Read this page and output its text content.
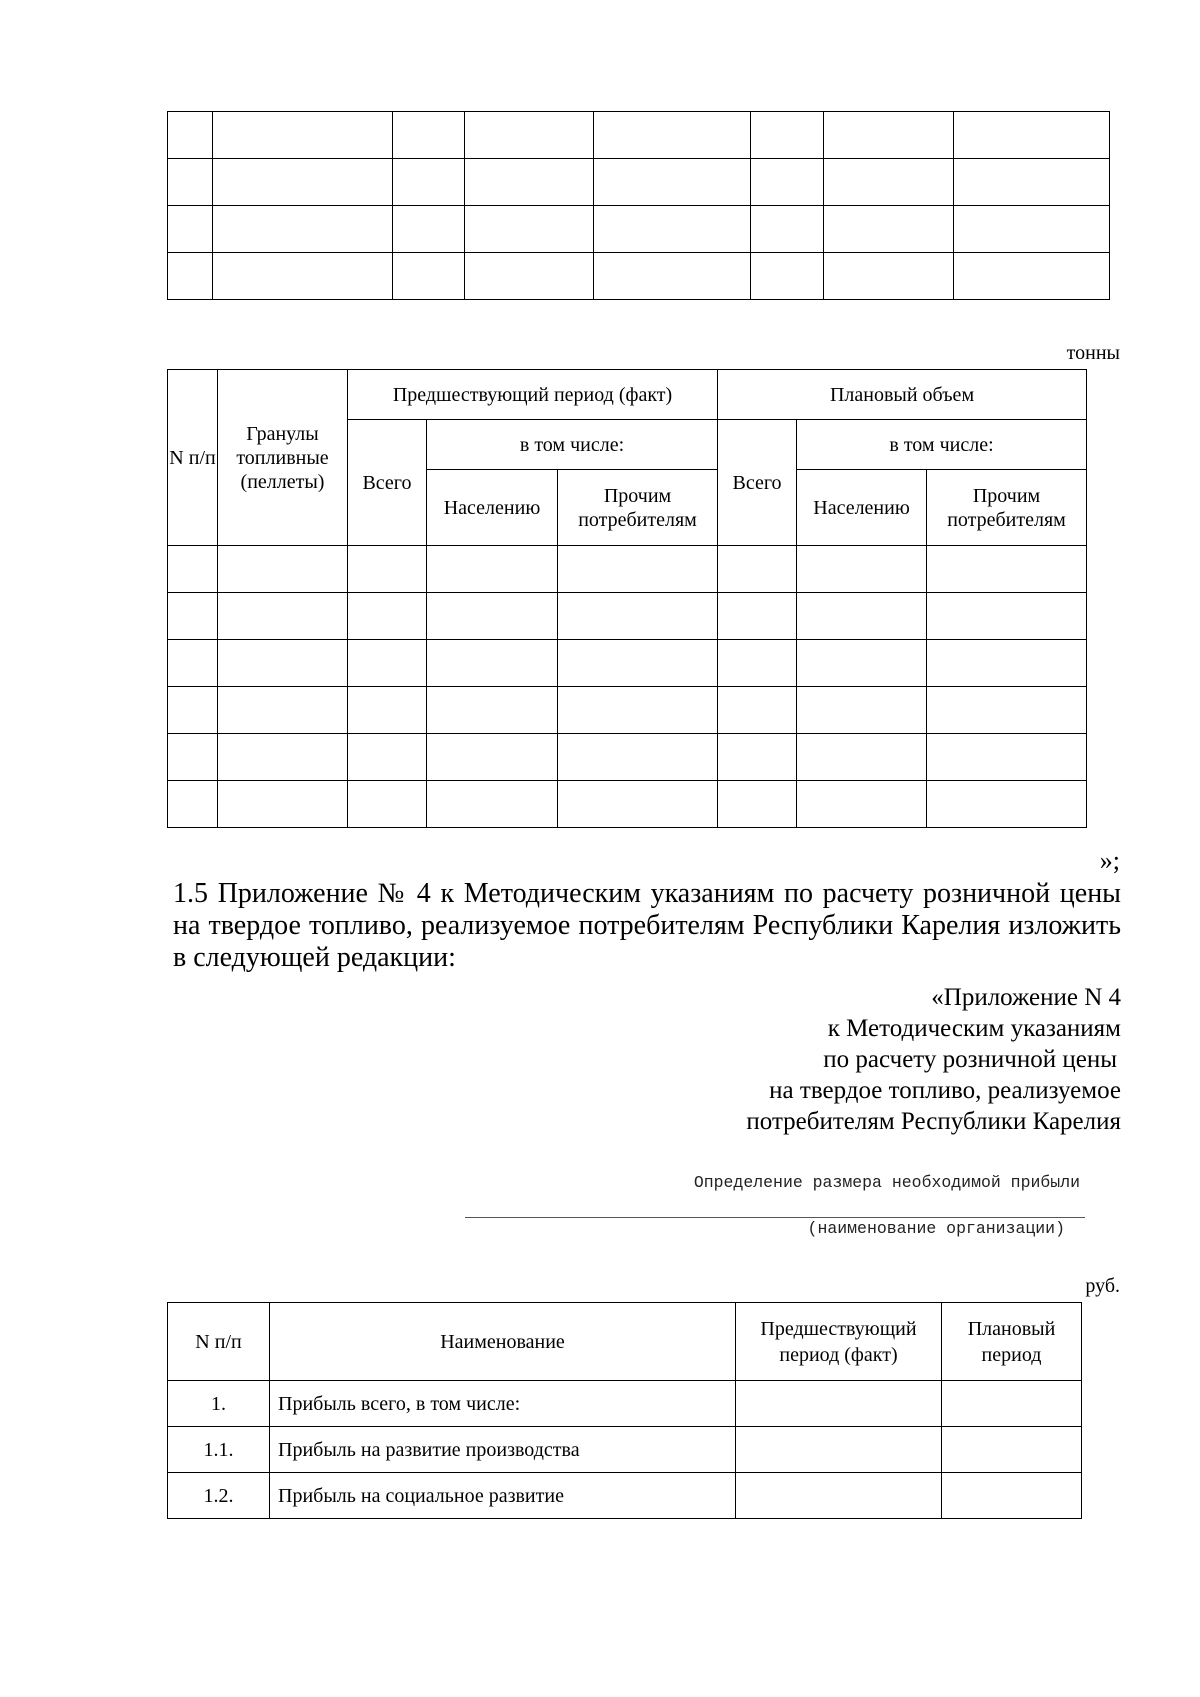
тонны
N п/п	Гранулы топливные (пеллеты)	Предшествующий период (факт)			Плановый объем		
		Всего	в том числе:		Всего	в том числе:	
			Населению	Прочим потребителям		Населению	Прочим потребителям

»;
1.5 Приложение № 4 к Методическим указаниям по расчету розничной цены на твердое топливо, реализуемое потребителям Республики Карелия изложить в следующей редакции:
«Приложение N 4
к Методическим указаниям
по расчету розничной цены
на твердое топливо, реализуемое
потребителям Республики Карелия
Определение размера необходимой прибыли
(наименование организации)
руб.
N п/п	Наименование	Предшествующий период (факт)	Плановый период
1.	Прибыль всего, в том числе:		
1.1.	Прибыль на развитие производства		
1.2.	Прибыль на социальное развитие		
